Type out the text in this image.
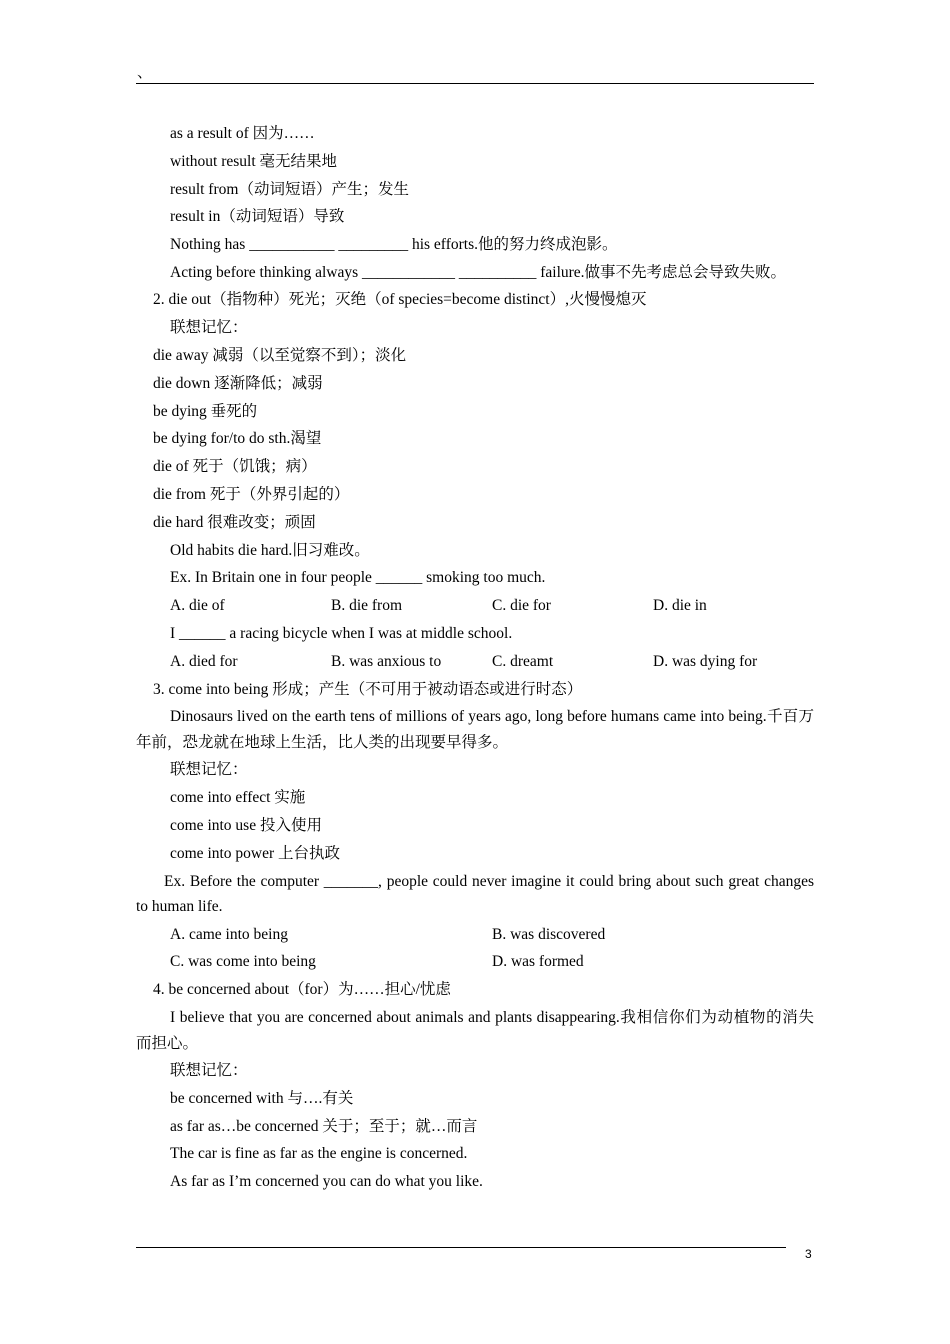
、
as a result of 因为……
without result 毫无结果地
result from（动词短语）产生；发生
result in（动词短语）导致
Nothing has ___________ _________ his efforts.他的努力终成泡影。
Acting before thinking always ____________ __________ failure.做事不先考虑总会导致失败。
2. die out（指物种）死光；灭绝（of species=become distinct）,火慢慢熄灭
联想记忆：
die away 减弱（以至觉察不到）；淡化
die down 逐渐降低；减弱
be dying 垂死的
be dying for/to do sth.渴望
die of 死于（饥饿；病）
die from 死于（外界引起的）
die hard 很难改变；顽固
Old habits die hard.旧习难改。
Ex. In Britain one in four people ______ smoking too much.
A. die of	B. die from	C. die for	D. die in
I ______ a racing bicycle when I was at middle school.
A. died for	B. was anxious to	C. dreamt	D. was dying for
3. come into being 形成；产生（不可用于被动语态或进行时态）
Dinosaurs lived on the earth tens of millions of years ago, long before humans came into being.千百万年前，恐龙就在地球上生活，比人类的出现要早得多。
联想记忆：
come into effect 实施
come into use 投入使用
come into power 上台执政
Ex. Before the computer _______, people could never imagine it could bring about such great changes to human life.
A. came into being	B. was discovered
C. was come into being	D. was formed
4. be concerned about（for）为……担心/忧虑
I believe that you are concerned about animals and plants disappearing.我相信你们为动植物的消失而担心。
联想记忆：
be concerned with 与….有关
as far as…be concerned 关于；至于；就…而言
The car is fine as far as the engine is concerned.
As far as I’m concerned you can do what you like.
3
